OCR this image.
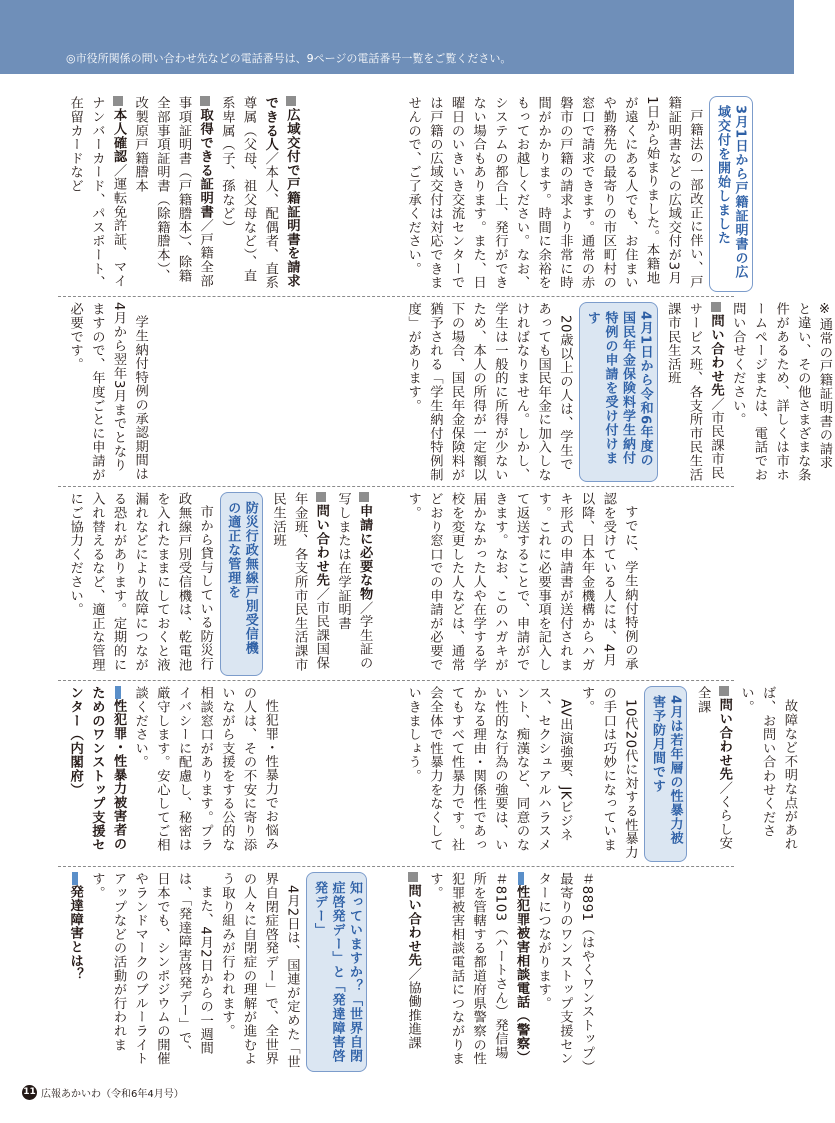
◎市役所関係の問い合わせ先などの電話番号は、9ページの電話番号一覧をご覧ください。
3月1日から戸籍証明書の広域交付を開始しました

戸籍法の一部改正に伴い、戸籍証明書などの広域交付が3月1日から始まりました。本籍地が遠くにある人でも、お住まいや勤務先の最寄りの市区町村の窓口で請求できます。通常の赤磐市の戸籍の請求より非常に時間がかかります。時間に余裕をもってお越しください。なお、システムの都合上、発行ができない場合もあります。また、日曜日のいきいき交流センターでは戸籍の広域交付は対応できませんので、ご了承ください。

広域交付で戸籍証明書を請求できる人／本人、配偶者、直系尊属（父母、祖父母など）、直系卑属（子、孫など）

取得できる証明書／戸籍全部事項証明書（戸籍謄本）、除籍全部事項証明書（除籍謄本）、改製原戸籍謄本

本人確認／運転免許証、マイナンバーカード、パスポート、在留カードなど

※通常の戸籍証明書の請求と違い、その他さまざまな条件があるため、詳しくは市ホームページまたは、電話でお問い合せください。

問い合わせ先／市民課市民サービス班、各支所市民生活課市民生活班

4月1日から令和6年度の国民年金保険料学生納付特例の申請を受け付けます

20歳以上の人は、学生であっても国民年金に加入しなければなりません。しかし、学生は一般的に所得が少ないため、本人の所得が一定額以下の場合、国民年金保険料が猶予される「学生納付特例制度」があります。

学生納付特例の承認期間は4月から翌年3月までとなりますので、年度ごとに申請が必要です。

すでに、学生納付特例の承認を受けている人には、4月以降、日本年金機構からハガキ形式の申請書が送付されます。これに必要事項を記入して返送することで、申請ができます。なお、このハガキが届かなかった人や在学する学校を変更した人などは、通常どおり窓口での申請が必要です。

申請に必要な物／学生証の写しまたは在学証明書

問い合わせ先／市民課国保年金班、各支所市民生活課市民生活班

防災行政無線戸別受信機の適正な管理を

市から貸与している防災行政無線戸別受信機は、乾電池を入れたままにしておくと液漏れなどにより故障につながる恐れがあります。定期的に入れ替えるなど、適正な管理にご協力ください。

故障など不明な点があれば、お問い合わせください。

問い合わせ先／くらし安全課

4月は若年層の性暴力被害予防月間です

10代20代に対する性暴力の手口は巧妙になっています。

AV出演強要、JKビジネス、セクシュアルハラスメント、痴漢など、同意のない性的な行為の強要は、いかなる理由・関係性であってもすべて性暴力です。社会全体で性暴力をなくしていきましょう。

性犯罪・性暴力でお悩みの人は、その不安に寄り添いながら支援をする公的な相談窓口があります。プライバシーに配慮し、秘密は厳守します。安心してご相談ください。

性犯罪・性暴力被害者のためのワンストップ支援センター（内閣府）

＃8891（はやくワンストップ）最寄りのワンストップ支援センターにつながります。

性犯罪被害相談電話（警察）

＃8103（ハートさん）発信場所を管轄する都道府県警察の性犯罪被害相談電話につながります。

問い合わせ先／協働推進課

知っていますか？「世界自閉症啓発デー」と「発達障害啓発デー」

4月2日は、国連が定めた「世界自閉症啓発デー」で、全世界の人々に自閉症の理解が進むよう取り組みが行われます。

また、4月2日からの一週間は、「発達障害啓発デー」で、日本でも、シンポジウムの開催やランドマークのブルーライトアップなどの活動が行われます。

発達障害とは？

11 広報あかいわ（令和6年4月号）
